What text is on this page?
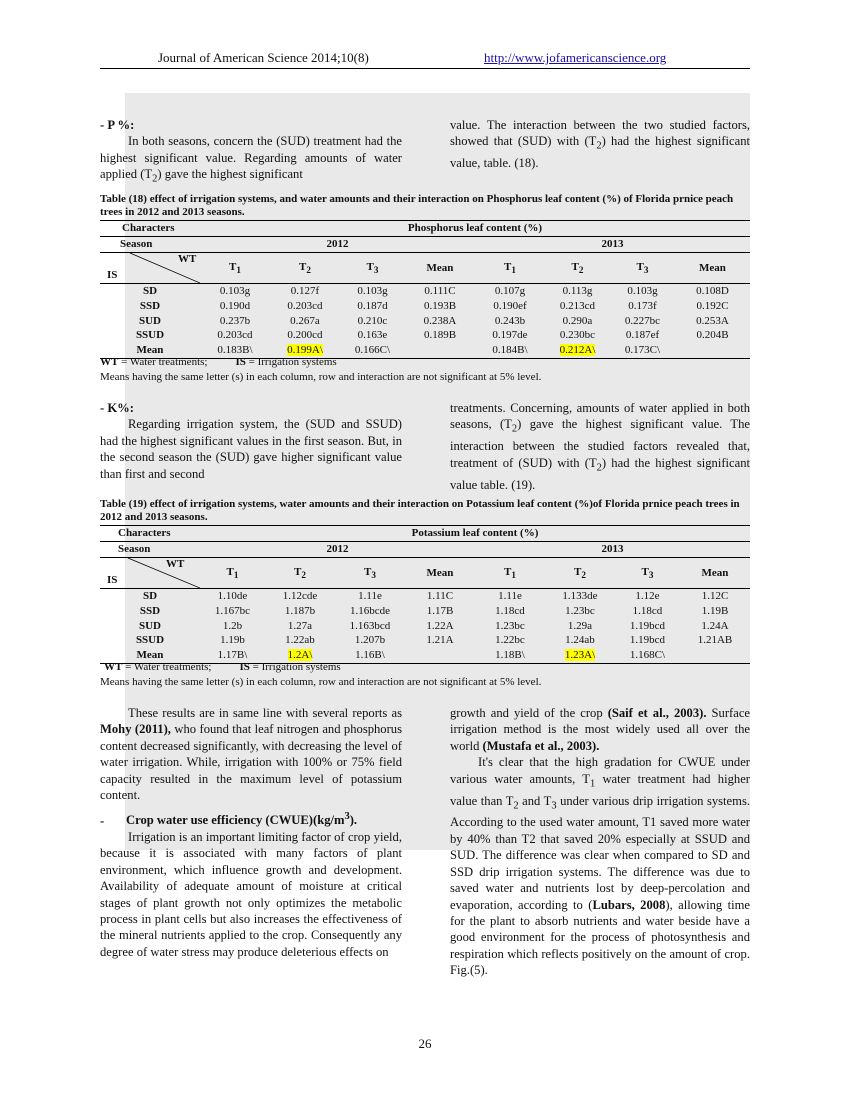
Journal of American Science 2014;10(8)	http://www.jofamericanscience.org

- P %:

In both seasons, concern the (SUD) treatment had the highest significant value. Regarding amounts of water applied $(T_2)$ gave the highest significant

value. The interaction between the two studied factors, showed that (SUD) with $(T_2)$ had the highest significant value, table. (18).

Table (18) effect of irrigation systems, and water amounts and their interaction on Phosphorus leaf content (%) of Florida prnice peach trees in 2012 and 2013 seasons.
Characters	Phosphorus leaf content (%)							
Season	2012				2013			

WT
IS	$T_1$	$T_2$	$T_3$	Mean	$T_1$	$T_2$	$T_3$	Mean
SD	0.103g	0.127f	0.103g	0.111C	0.107g	0.113g	0.103g	0.108D
SSD	0.190d	0.203cd	0.187d	0.193B	0.190ef	0.213cd	0.173f	0.192C
SUD	0.237b	0.267a	0.210c	0.238A	0.243b	0.290a	0.227bc	0.253A
SSUD	0.203cd	0.200cd	0.163e	0.189B	0.197de	0.230bc	0.187ef	0.204B
Mean	0.183B\	0.199A\	0.166C\		0.184B\	0.212A\	0.173C\	
WT = Water treatments;	IS = Irrigation systems
Means having the same letter (s) in each column, row and interaction are not significant at 5% level.

- K%:

Regarding irrigation system, the (SUD and SSUD) had the highest significant values in the first season. But, in the second season the (SUD) gave higher significant value than first and second

treatments. Concerning, amounts of water applied in both seasons, $(T_2)$ gave the highest significant value. The interaction between the studied factors revealed that, treatment of (SUD) with $(T_2)$ had the highest significant value table. (19).

Table (19) effect of irrigation systems, water amounts and their interaction on Potassium leaf content (%)of Florida prnice peach trees in 2012 and 2013 seasons.
Characters	Potassium leaf content (%)							
Season	2012				2013			

WT
IS	$T_1$	$T_2$	$T_3$	Mean	$T_1$	$T_2$	$T_3$	Mean
SD	1.10de	1.12cde	1.11e	1.11C	1.11e	1.133de	1.12e	1.12C
SSD	1.167bc	1.187b	1.16bcde	1.17B	1.18cd	1.23bc	1.18cd	1.19B
SUD	1.2b	1.27a	1.163bcd	1.22A	1.23bc	1.29a	1.19bcd	1.24A
SSUD	1.19b	1.22ab	1.207b	1.21A	1.22bc	1.24ab	1.19bcd	1.21AB
Mean	1.17B\	1.2A\	1.16B\		1.18B\	1.23A\	1.168C\	
WT = Water treatments;	IS = Irrigation systems
Means having the same letter (s) in each column, row and interaction are not significant at 5% level.

These results are in same line with several reports as Mohy (2011), who found that leaf nitrogen and phosphorus content decreased significantly, with decreasing the level of water irrigation. While, irrigation with 100% or 75% field capacity resulted in the maximum level of potassium content.

- Crop water use efficiency $(CWUE)(kg/m^3)$.

Irrigation is an important limiting factor of crop yield, because it is associated with many factors of plant environment, which influence growth and development. Availability of adequate amount of moisture at critical stages of plant growth not only optimizes the metabolic process in plant cells but also increases the effectiveness of the mineral nutrients applied to the crop. Consequently any degree of water stress may produce deleterious effects on

growth and yield of the crop (Saif et al., 2003). Surface irrigation method is the most widely used all over the world (Mustafa et al., 2003).

It's clear that the high gradation for CWUE under various water amounts, $T_1$ water treatment had higher value than $T_2$ and $T_3$ under various drip irrigation systems. According to the used water amount, T1 saved more water by 40% than T2 that saved 20% especially at SSUD and SUD. The difference was clear when compared to SD and SSD drip irrigation systems. The difference was due to saved water and nutrients lost by deep-percolation and evaporation, according to (Lubars, 2008), allowing time for the plant to absorb nutrients and water beside have a good environment for the process of photosynthesis and respiration which reflects positively on the amount of crop. Fig.(5).

26
